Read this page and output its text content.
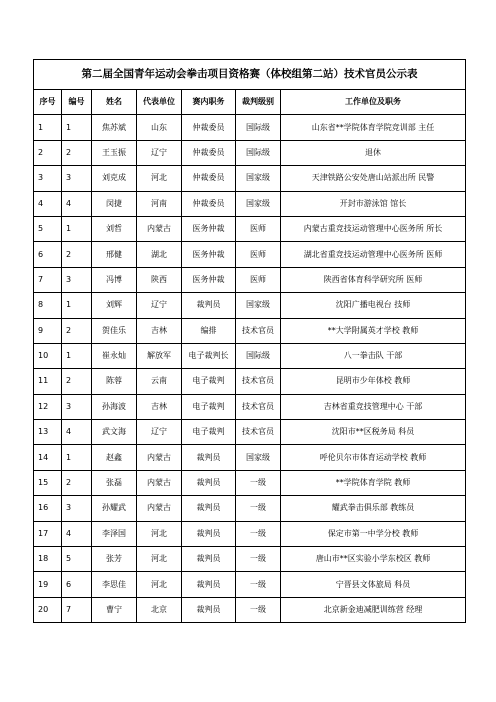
第二届全国青年运动会拳击项目资格赛（体校组第二站）技术官员公示表						
序号	编号	姓名	代表单位	赛内职务	裁判级别	工作单位及职务
1	1	焦苏斌	山东	仲裁委员	国际级	山东省**学院体育学院竞训部 主任
2	2	王玉振	辽宁	仲裁委员	国际级	退休
3	3	刘克成	河北	仲裁委员	国家级	天津铁路公安处唐山站派出所 民警
4	4	闵捷	河南	仲裁委员	国家级	开封市游泳馆 馆长
5	1	刘哲	内蒙古	医务仲裁	医师	内蒙古重竞技运动管理中心医务所 所长
6	2	邢健	湖北	医务仲裁	医师	湖北省重竞技运动管理中心医务所 医师
7	3	冯博	陕西	医务仲裁	医师	陕西省体育科学研究所 医师
8	1	刘辉	辽宁	裁判员	国家级	沈阳广播电视台 技师
9	2	贺佳乐	吉林	编排	技术官员	**大学附属英才学校 教师
10	1	崔永灿	解放军	电子裁判长	国际级	八一拳击队 干部
11	2	陈蓉	云南	电子裁判	技术官员	昆明市少年体校 教师
12	3	孙海波	吉林	电子裁判	技术官员	吉林省重竞技管理中心 干部
13	4	武文海	辽宁	电子裁判	技术官员	沈阳市**区税务局 科员
14	1	赵鑫	内蒙古	裁判员	国家级	呼伦贝尔市体育运动学校 教师
15	2	张磊	内蒙古	裁判员	一级	**学院体育学院 教师
16	3	孙耀武	内蒙古	裁判员	一级	耀武拳击俱乐部 教练员
17	4	李泽国	河北	裁判员	一级	保定市第一中学分校 教师
18	5	张芳	河北	裁判员	一级	唐山市**区实验小学东校区 教师
19	6	李思佳	河北	裁判员	一级	宁晋县文体旅局 科员
20	7	曹宁	北京	裁判员	一级	北京新金迪减肥训练营 经理
